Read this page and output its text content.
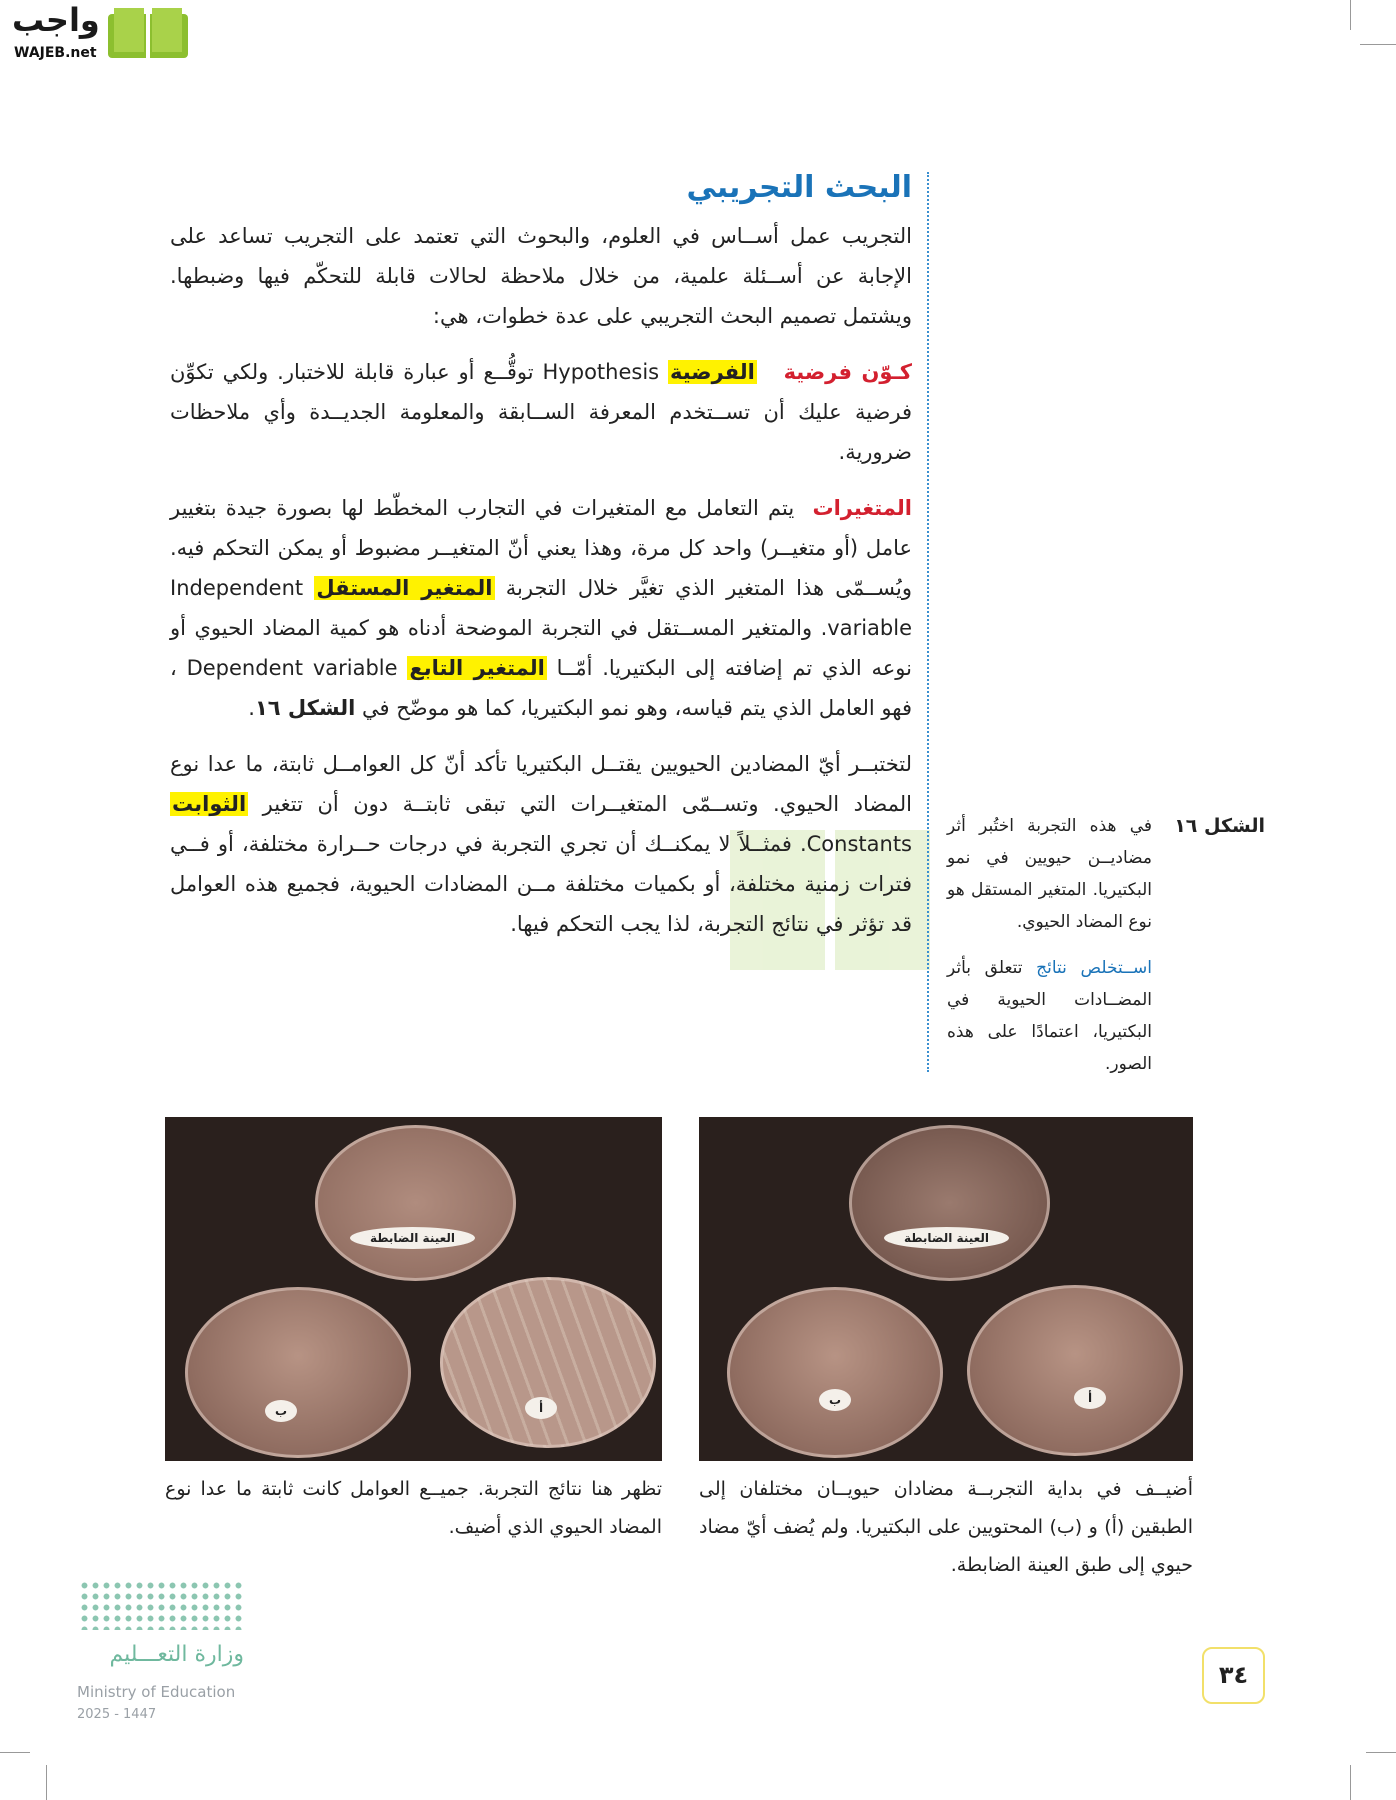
واجب
WAJEB.net
البحث التجريبي

التجريب عمل أســاس في العلوم، والبحوث التي تعتمد على التجريب تساعد على الإجابة عن أســئلة علمية، من خلال ملاحظة لحالات قابلة للتحكّم فيها وضبطها. ويشتمل تصميم البحث التجريبي على عدة خطوات، هي:

كـوّن فرضية   الفرضية Hypothesis توقُّــع أو عبارة قابلة للاختبار. ولكي تكوِّن فرضية عليك أن تســتخدم المعرفة الســابقة والمعلومة الجديــدة وأي ملاحظات ضرورية.

المتغيرات  يتم التعامل مع المتغيرات في التجارب المخطّط لها بصورة جيدة بتغيير عامل (أو متغيــر) واحد كل مرة، وهذا يعني أنّ المتغيــر مضبوط أو يمكن التحكم فيه. ويُســمّى هذا المتغير الذي تغيَّر خلال التجربة المتغير المستقل Independent variable. والمتغير المســتقل في التجربة الموضحة أدناه هو كمية المضاد الحيوي أو نوعه الذي تم إضافته إلى البكتيريا. أمّــا المتغير التابع Dependent variable ، فهو العامل الذي يتم قياسه، وهو نمو البكتيريا، كما هو موضّح في الشكل ١٦.

لتختبــر أيّ المضادين الحيويين يقتــل البكتيريا تأكد أنّ كل العوامــل ثابتة، ما عدا نوع المضاد الحيوي. وتســمّى المتغيــرات التي تبقى ثابتــة دون أن تتغير الثوابت Constants. فمثــلاً لا يمكنــك أن تجري التجربة في درجات حــرارة مختلفة، أو فــي فترات زمنية مختلفة، أو بكميات مختلفة مــن المضادات الحيوية، فجميع هذه العوامل قد تؤثر في نتائج التجربة، لذا يجب التحكم فيها.

الشكل ١٦
في هذه التجربة اختُبر أثر مضاديــن حيويين في نمو البكتيريا. المتغير المستقل هو نوع المضاد الحيوي.
اســتخلص نتائج تتعلق بأثر المضــادات الحيوية في البكتيريا، اعتمادًا على هذه الصور.
العينة الضابطة
ب	أ
العينة الضابطة
ب	أ
أضيــف في بداية التجربــة مضادان حيويــان مختلفان إلى الطبقين (أ) و (ب) المحتويين على البكتيريا. ولم يُضف أيّ مضاد حيوي إلى طبق العينة الضابطة.
تظهر هنا نتائج التجربة. جميــع العوامل كانت ثابتة ما عدا نوع المضاد الحيوي الذي أضيف.
وزارة التعـــليم
Ministry of Education
2025 - 1447
٣٤
